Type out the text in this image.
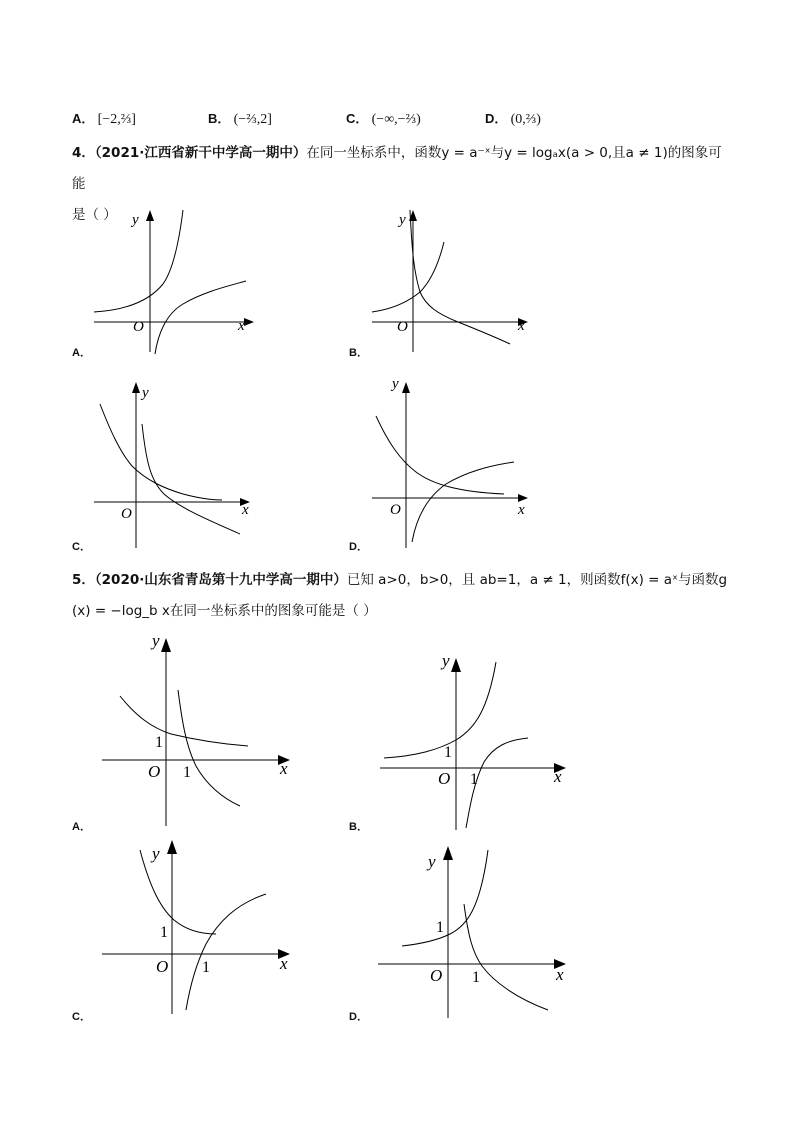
A． [−2,⅔]	B． (−⅔,2]	C． (−∞,−⅔)	D． (0,⅔)
4．（2021·江西省新干中学高一期中）在同一坐标系中，函数y = a⁻ˣ与y = logₐx(a > 0,且a ≠ 1)的图象可能
是（ ）
x
y
O
A．
x
y
O
B．
x
y
O
C．
x
y
O
D．
5．（2020·山东省青岛第十九中学高一期中）已知 a>0，b>0，且 ab=1，a ≠ 1，则函数f(x) = aˣ与函数g
(x) = −log_b x在同一坐标系中的图象可能是（ ）
x
y
O
1
1
A．
x
y
O
1
1
B．
x
y
O
1
1
C．
x
y
O
1
1
D．
